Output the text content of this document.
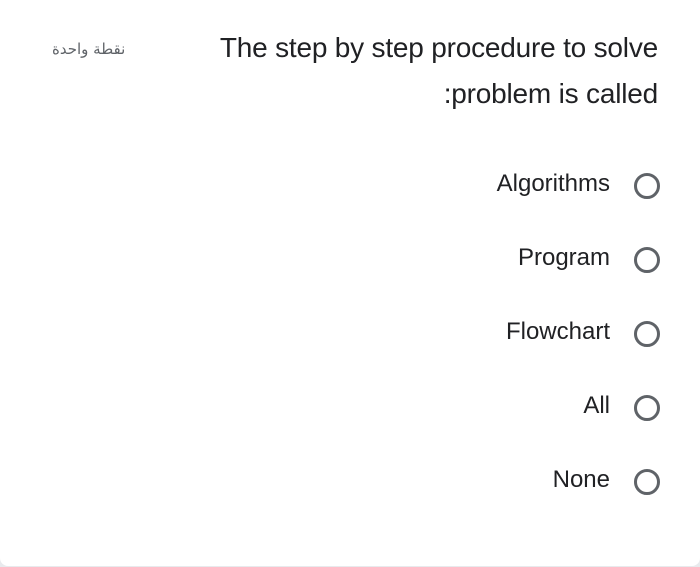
نقطة واحدة	The step by step procedure to solve
:problem is called
Algorithms
Program
Flowchart
All
None
